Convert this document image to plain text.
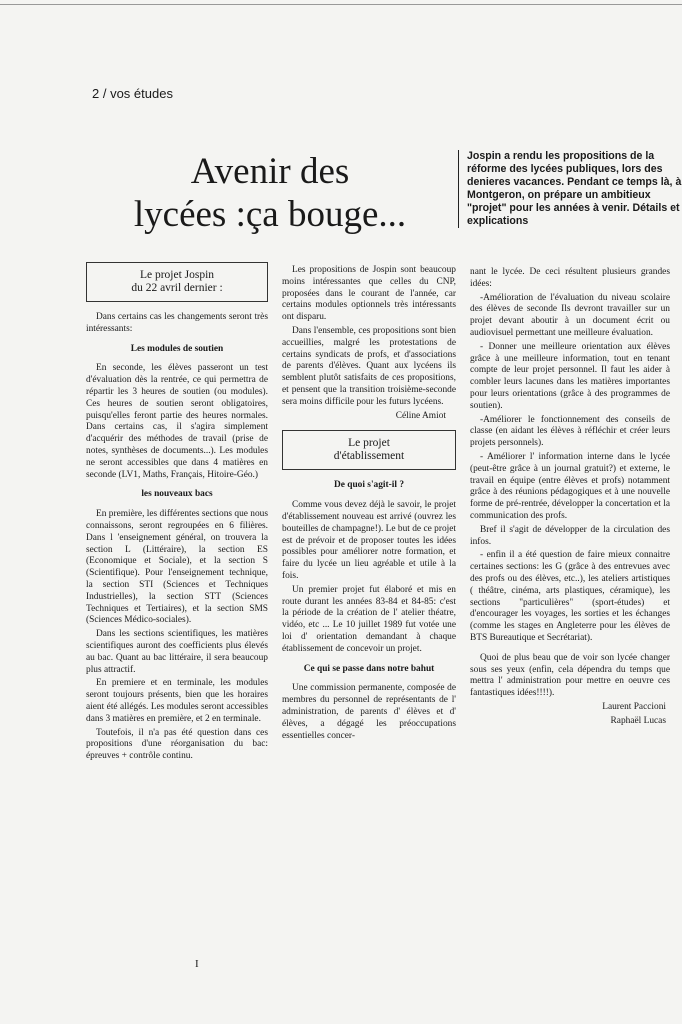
2 / vos études
Avenir des
lycées :ça bouge...
Jospin a rendu les propositions de la réforme des lycées publiques, lors des denieres vacances. Pendant ce temps là, à Montgeron, on prépare un ambitieux "projet" pour les années à venir. Détails et explications
Le projet Jospin
du 22 avril dernier :

Dans certains cas les changements seront très intéressants:

Les modules de soutien

En seconde, les élèves passeront un test d'évaluation dès la rentrée, ce qui permettra de répartir les 3 heures de soutien (ou modules). Ces heures de soutien seront obligatoires, puisqu'elles feront partie des heures normales. Dans certains cas, il s'agira simplement d'acquérir des méthodes de travail (prise de notes, synthèses de documents...). Les modules ne seront accessibles que dans 4 matières en seconde (LV1, Maths, Français, Hitoire-Géo.)

les nouveaux bacs

En première, les différentes sections que nous connaissons, seront regroupées en 6 filières. Dans l 'enseignement général, on trouvera la section L (Littéraire), la section ES (Economique et Sociale), et la section S (Scientifique). Pour l'enseignement technique, la section STI (Sciences et Techniques Industrielles), la section STT (Sciences Techniques et Tertiaires), et la section SMS (Sciences Médico-sociales).

Dans les sections scientifiques, les matières scientifiques auront des coefficients plus élevés au bac. Quant au bac littéraire, il sera beaucoup plus attractif.

En premiere et en terminale, les modules seront toujours présents, bien que les horaires aient été allégés. Les modules seront accessibles dans 3 matières en première, et 2 en terminale.

Toutefois, il n'a pas été question dans ces propositions d'une réorganisation du bac: épreuves + contrôle continu.

Les propositions de Jospin sont beaucoup moins intéressantes que celles du CNP, proposées dans le courant de l'année, car certains modules optionnels très intéressants ont disparu.

Dans l'ensemble, ces propositions sont bien accueillies, malgré les protestations de certains syndicats de profs, et d'associations de parents d'élèves. Quant aux lycéens ils semblent plutôt satisfaits de ces propositions, et pensent que la transition troisième-seconde sera moins difficile pour les futurs lycéens.

Céline Amiot
Le projet
d'établissement
De quoi s'agit-il ?

Comme vous devez déjà le savoir, le projet d'établissement nouveau est arrivé (ouvrez les bouteilles de champagne!). Le but de ce projet est de prévoir et de proposer toutes les idées possibles pour améliorer notre formation, et faire du lycée un lieu agréable et utile à la fois.

Un premier projet fut élaboré et mis en route durant les années 83-84 et 84-85: c'est la période de la création de l' atelier théatre, vidéo, etc ... Le 10 juillet 1989 fut votée une loi d' orientation demandant à chaque établissement de concevoir un projet.

Ce qui se passe dans notre bahut

Une commission permanente, composée de membres du personnel de représentants de l' administration, de parents d' élèves et d' élèves, a dégagé les préoccupations essentielles concer-

nant le lycée. De ceci résultent plusieurs grandes idées:

-Amélioration de l'évaluation du niveau scolaire des élèves de seconde Ils devront travailler sur un projet devant aboutir à un document écrit ou audiovisuel permettant une meilleure évaluation.

- Donner une meilleure orientation aux élèves grâce à une meilleure information, tout en tenant compte de leur projet personnel. Il faut les aider à combler leurs lacunes dans les matières importantes pour leurs orientations (grâce à des programmes de soutien).

-Améliorer le fonctionnement des conseils de classe (en aidant les élèves à réfléchir et créer leurs projets personnels).

- Améliorer l' information interne dans le lycée (peut-être grâce à un journal gratuit?) et externe, le travail en équipe (entre élèves et profs) notamment grâce à des réunions pédagogiques et à une nouvelle forme de pré-rentrée, développer la concertation et la communication des profs.

Bref il s'agit de développer de la circulation des infos.

- enfin il a été question de faire mieux connaitre certaines sections: les G (grâce à des entrevues avec des profs ou des élèves, etc..), les ateliers artistiques ( théâtre, cinéma, arts plastiques, céramique), les sections "particulières" (sport-études) et d'encourager les voyages, les sorties et les échanges (comme les stages en Angleterre pour les élèves de BTS Bureautique et Secrétariat).

Quoi de plus beau que de voir son lycée changer sous ses yeux (enfin, cela dépendra du temps que mettra l' administration pour mettre en oeuvre ces fantastiques idées!!!!).

Laurent Paccioni
Raphaël Lucas
I
